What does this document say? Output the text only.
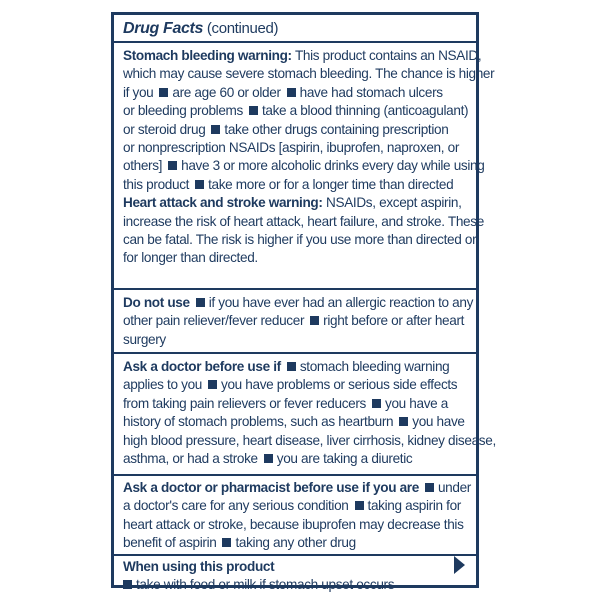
Drug Facts (continued)
Stomach bleeding warning: This product contains an NSAID,
which may cause severe stomach bleeding. The chance is higher
if you are age 60 or older have had stomach ulcers
or bleeding problems take a blood thinning (anticoagulant)
or steroid drug take other drugs containing prescription
or nonprescription NSAIDs [aspirin, ibuprofen, naproxen, or
others] have 3 or more alcoholic drinks every day while using
this product take more or for a longer time than directed
Heart attack and stroke warning: NSAIDs, except aspirin,
increase the risk of heart attack, heart failure, and stroke. These
can be fatal. The risk is higher if you use more than directed or
for longer than directed.
Do not use if you have ever had an allergic reaction to any
other pain reliever/fever reducer right before or after heart
surgery
Ask a doctor before use if stomach bleeding warning
applies to you you have problems or serious side effects
from taking pain relievers or fever reducers you have a
history of stomach problems, such as heartburn you have
high blood pressure, heart disease, liver cirrhosis, kidney disease,
asthma, or had a stroke you are taking a diuretic
Ask a doctor or pharmacist before use if you are under
a doctor's care for any serious condition taking aspirin for
heart attack or stroke, because ibuprofen may decrease this
benefit of aspirin taking any other drug
When using this product
take with food or milk if stomach upset occurs
